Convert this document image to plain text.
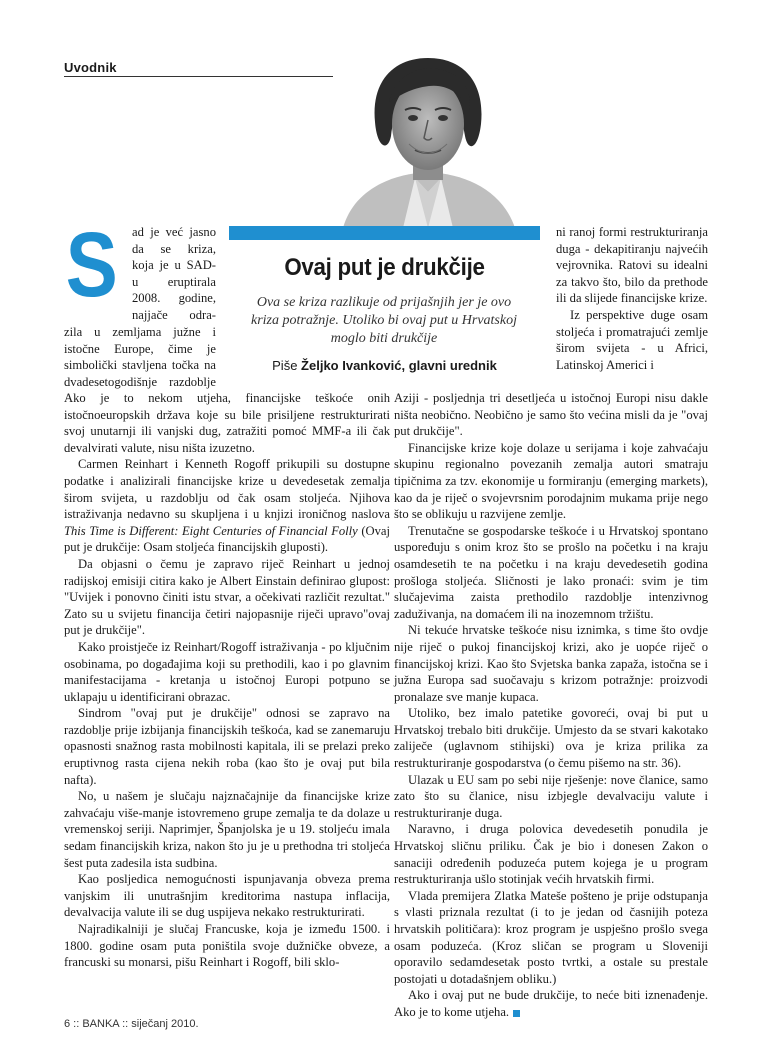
Uvodnik
Ovaj put je drukčije
Ova se kriza razlikuje od prijašnjih jer je ovo kriza potražnje. Utoliko bi ovaj put u Hrvatskoj moglo biti drukčije
Piše Željko Ivanković, glavni urednik
S ad je već jasno
da se kriza,
koja je u SAD-
u eruptirala
2008. godine,
najjače odra-

zila u zemljama južne i istočne Europe, čime je simbolički stavljena točka na dvadesetogodišnje razdoblje

Ako je to nekom utjeha, financijske teškoće onih istočnoeuropskih država koje su bile prisiljene restrukturirati svoj unutarnji ili vanjski dug, zatražiti pomoć MMF-a ili čak devalvirati valute, nisu ništa izuzetno.

Carmen Reinhart i Kenneth Rogoff prikupili su dostupne podatke i analizirali financijske krize u devedesetak zemalja širom svijeta, u razdoblju od čak osam stoljeća. Njihova istraživanja nedavno su skupljena i u knjizi ironičnog naslova This Time is Different: Eight Centuries of Financial Folly (Ovaj put je drukčije: Osam stoljeća financijskih gluposti).

Da objasni o čemu je zapravo riječ Reinhart u jednoj radijskoj emisiji citira kako je Albert Einstain definirao glupost: "Uvijek i ponovno činiti istu stvar, a očekivati različit rezultat." Zato su u svijetu financija četiri najopasnije riječi upravo"ovaj put je drukčije".

Kako proistječe iz Reinhart/Rogoff istraživanja - po ključnim osobinama, po događajima koji su prethodili, kao i po glavnim manifestacijama - kretanja u istočnoj Europi potpuno se uklapaju u identificirani obrazac.

Sindrom "ovaj put je drukčije" odnosi se zapravo na razdoblje prije izbijanja financijskih teškoća, kad se zanemaruju opasnosti snažnog rasta mobilnosti kapitala, ili se prelazi preko eruptivnog rasta cijena nekih roba (kao što je ovaj put bila nafta).

No, u našem je slučaju najznačajnije da financijske krize zahvaćaju više-manje istovremeno grupe zemalja te da dolaze u vremenskoj seriji. Naprimjer, Španjolska je u 19. stoljeću imala sedam financijskih kriza, nakon što ju je u prethodna tri stoljeća šest puta zadesila ista sudbina.

Kao posljedica nemogućnosti ispunjavanja obveza prema vanjskim ili unutrašnjim kreditorima nastupa inflacija, devalvacija valute ili se dug uspijeva nekako restrukturirati.

Najradikalniji je slučaj Francuske, koja je između 1500. i 1800. godine osam puta poništila svoje dužničke obveze, a francuski su monarsi, pišu Reinhart i Rogoff, bili sklo-

ni ranoj formi restrukturiranja duga - dekapitiranju najvećih vejrovnika. Ratovi su idealni za takvo što, bilo da prethode ili da slijede financijske krize.

Iz perspektive duge osam stoljeća i promatrajući zemlje širom svijeta - u Africi, Latinskoj Americi i

Aziji - posljednja tri desetljeća u istočnoj Europi nisu dakle ništa neobično. Neobično je samo što većina misli da je "ovaj put drukčije".

Financijske krize koje dolaze u serijama i koje zahvaćaju skupinu regionalno povezanih zemalja autori smatraju tipičnima za tzv. ekonomije u formiranju (emerging markets), kao da je riječ o svojevrsnim porodajnim mukama prije nego što se oblikuju u razvijene zemlje.

Trenutačne se gospodarske teškoće i u Hrvatskoj spontano uspoređuju s onim kroz što se prošlo na početku i na kraju osamdesetih te na početku i na kraju devedesetih godina prošloga stoljeća. Sličnosti je lako pronaći: svim je tim slučajevima zaista prethodilo razdoblje intenzivnog zaduživanja, na domaćem ili na inozemnom tržištu.

Ni tekuće hrvatske teškoće nisu iznimka, s time što ovdje nije riječ o pukoj financijskoj krizi, ako je uopće riječ o financijskoj krizi. Kao što Svjetska banka zapaža, istočna se i južna Europa sad suočavaju s krizom potražnje: proizvodi pronalaze sve manje kupaca.

Utoliko, bez imalo patetike govoreći, ovaj bi put u Hrvatskoj trebalo biti drukčije. Umjesto da se stvari kakotako zaliječe (uglavnom stihijski) ova je kriza prilika za restrukturiranje gospodarstva (o čemu pišemo na str. 36).

Ulazak u EU sam po sebi nije rješenje: nove članice, samo zato što su članice, nisu izbjegle devalvaciju valute i restrukturiranje duga.

Naravno, i druga polovica devedesetih ponudila je Hrvatskoj sličnu priliku. Čak je bio i donesen Zakon o sanaciji određenih poduzeća putem kojega je u program restrukturiranja ušlo stotinjak većih hrvatskih firmi.

Vlada premijera Zlatka Mateše pošteno je prije odstupanja s vlasti priznala rezultat (i to je jedan od časnijih poteza hrvatskih političara): kroz program je uspješno prošlo svega osam poduzeća. (Kroz sličan se program u Sloveniji oporavilo sedamdesetak posto tvrtki, a ostale su prestale postojati u dotadašnjem obliku.)

Ako i ovaj put ne bude drukčije, to neće biti iznenađenje. Ako je to kome utjeha.

6 :: BANKA :: siječanj 2010.
